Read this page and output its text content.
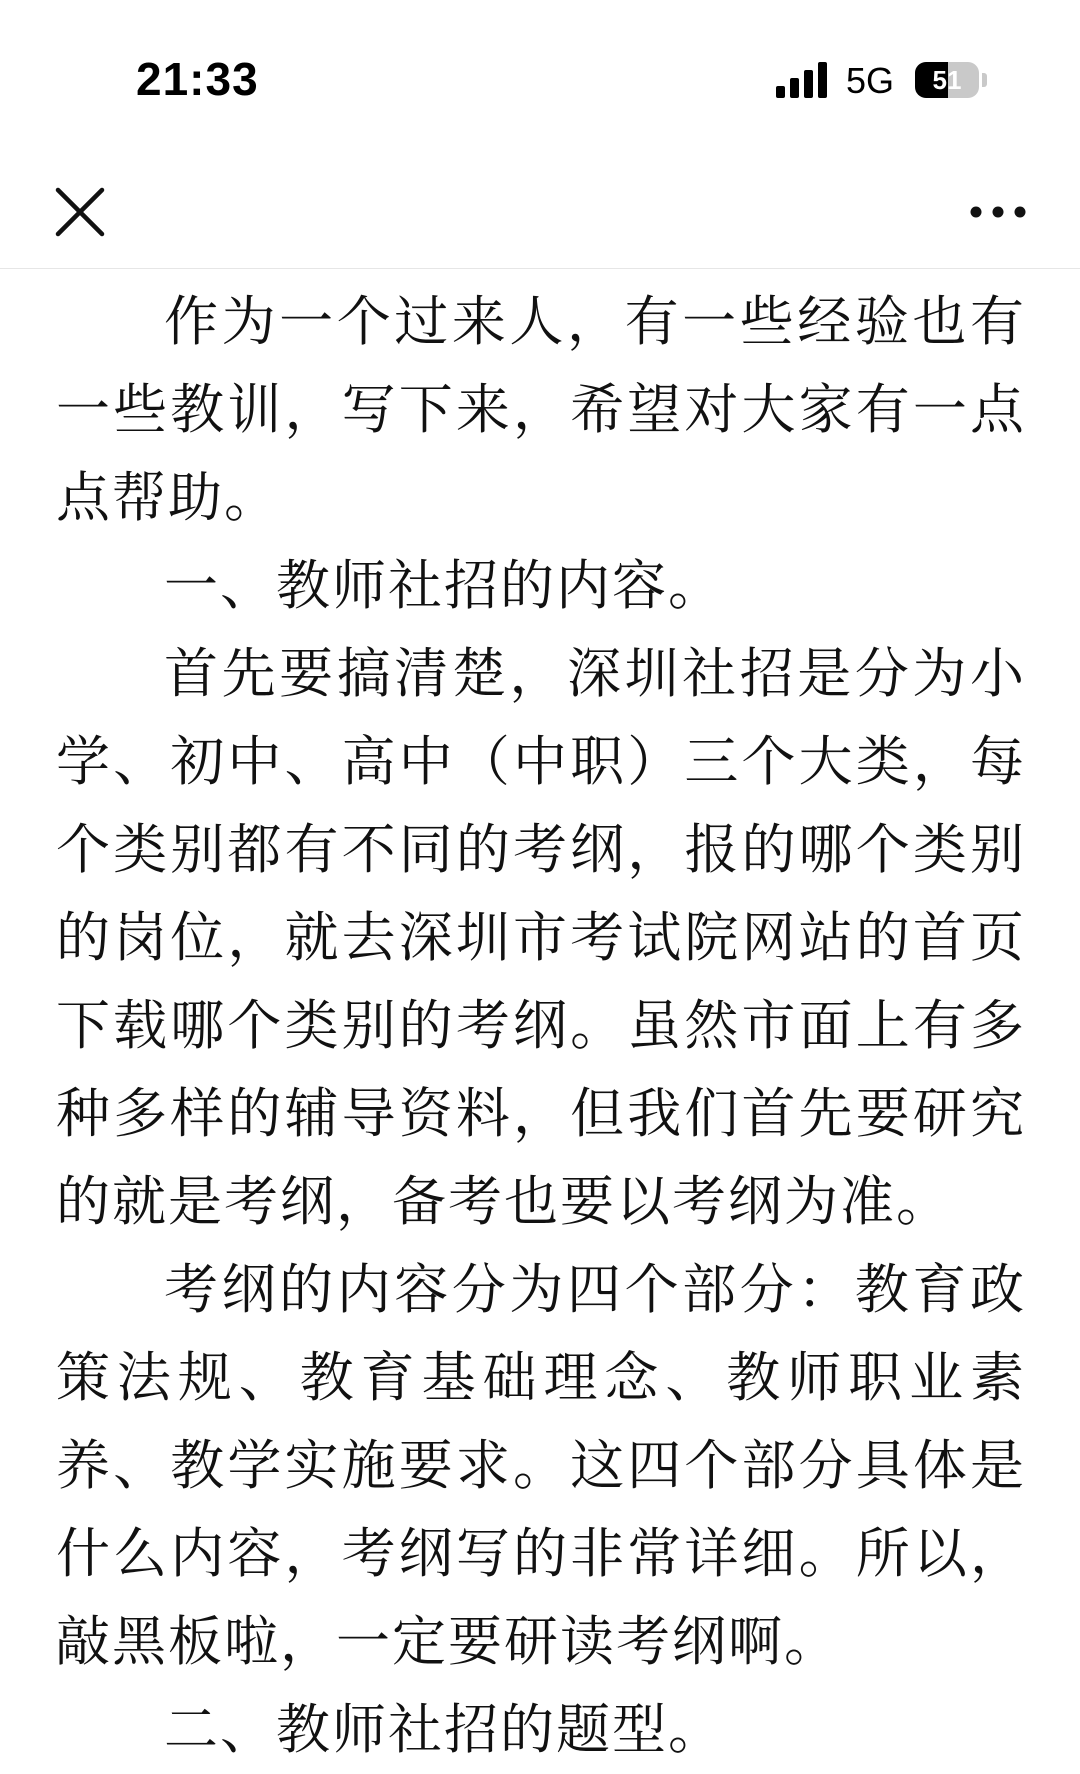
21:33	5G	51

作为一个过来人，有一些经验也有一些教训，写下来，希望对大家有一点点帮助。

一、教师社招的内容。

首先要搞清楚，深圳社招是分为小学、初中、高中（中职）三个大类，每个类别都有不同的考纲，报的哪个类别的岗位，就去深圳市考试院网站的首页下载哪个类别的考纲。虽然市面上有多种多样的辅导资料，但我们首先要研究的就是考纲，备考也要以考纲为准。

考纲的内容分为四个部分：教育政策法规、教育基础理念、教师职业素养、教学实施要求。这四个部分具体是什么内容，考纲写的非常详细。所以，敲黑板啦，一定要研读考纲啊。

二、教师社招的题型。
